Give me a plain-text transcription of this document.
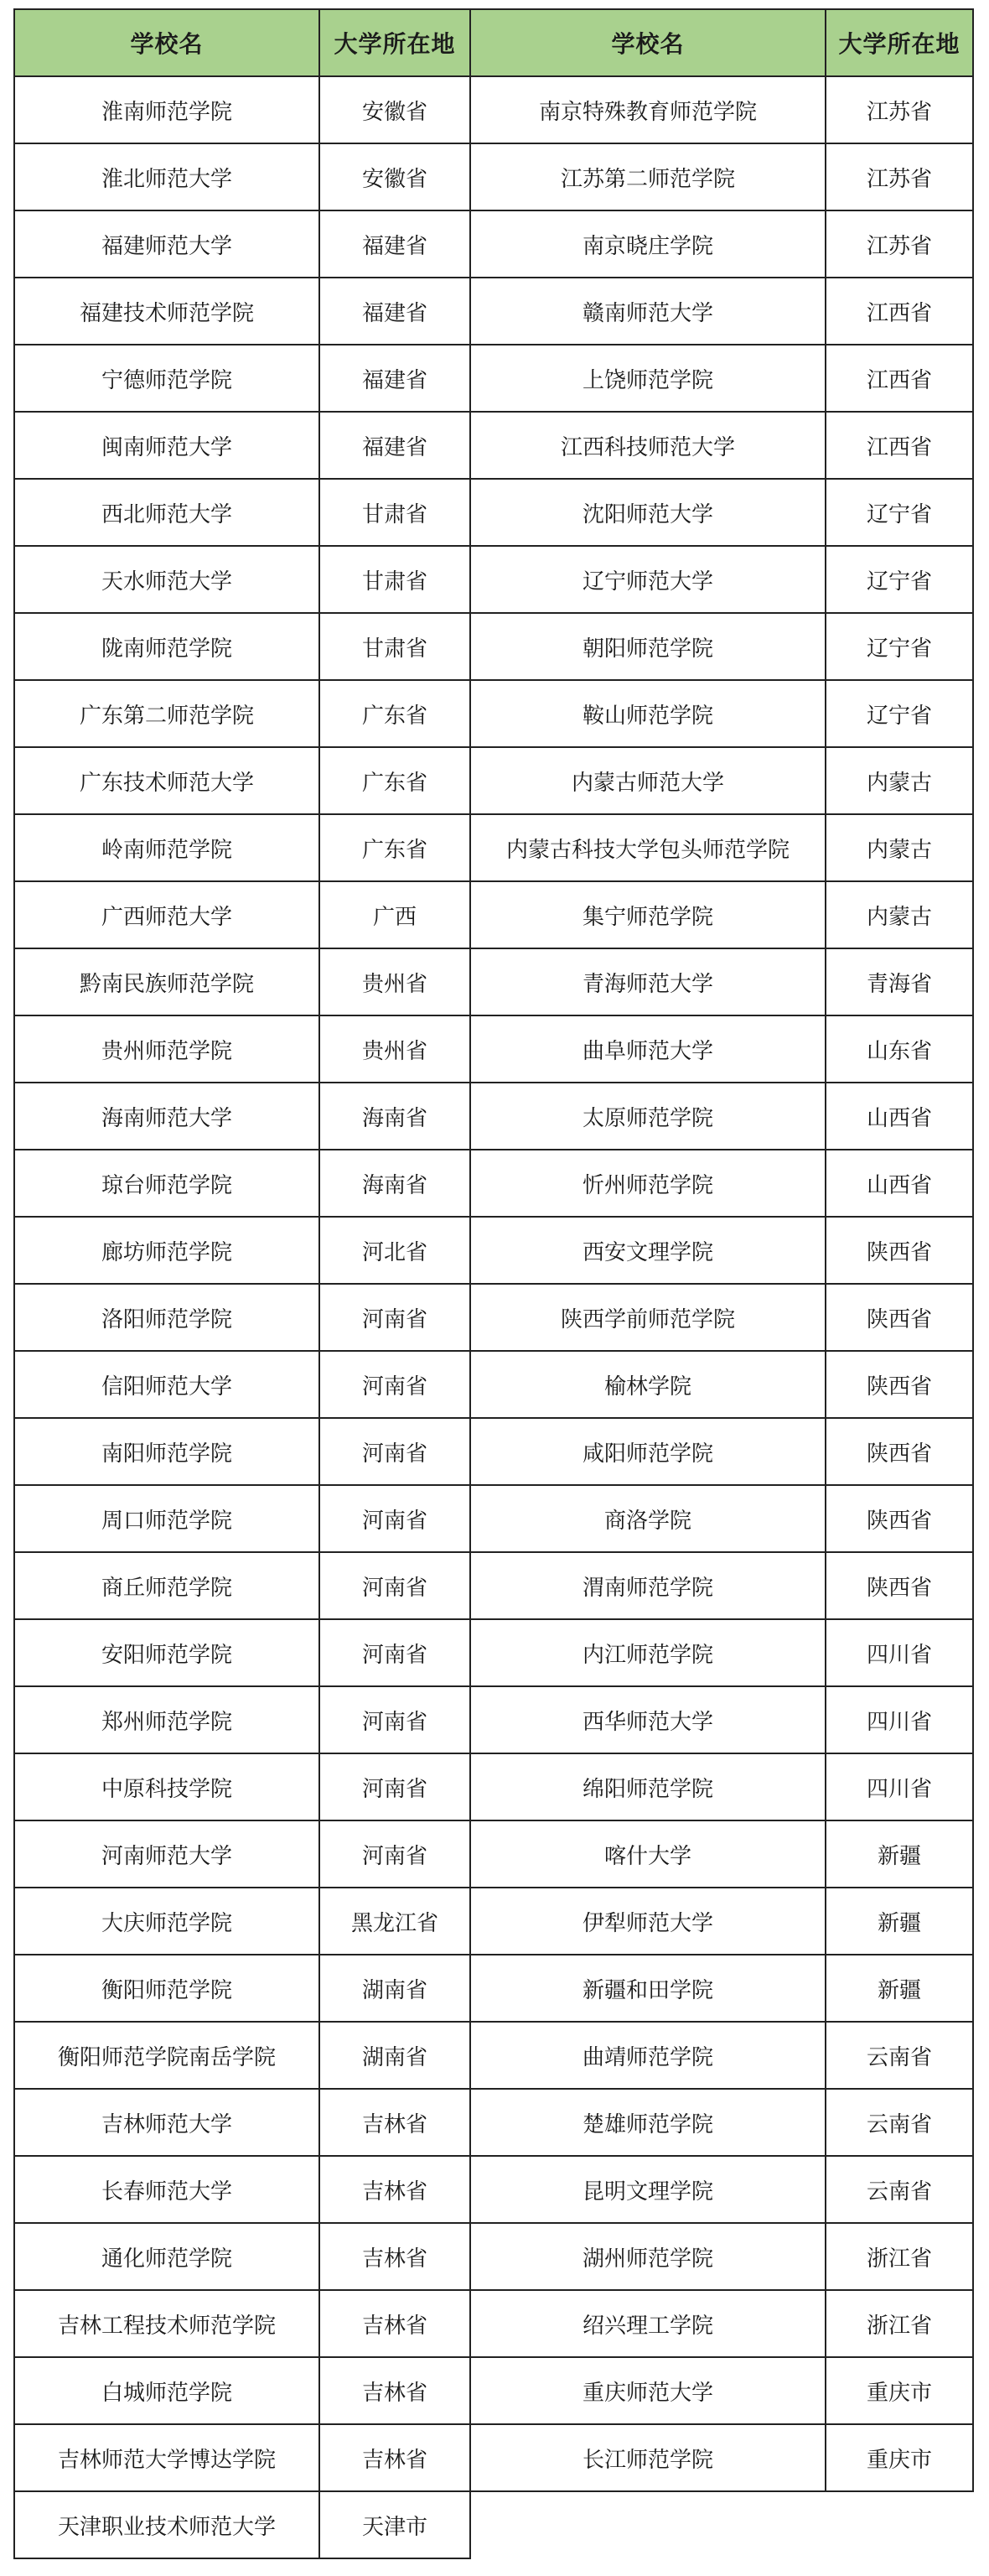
学校名	大学所在地	学校名	大学所在地
淮南师范学院	安徽省	南京特殊教育师范学院	江苏省
淮北师范大学	安徽省	江苏第二师范学院	江苏省
福建师范大学	福建省	南京晓庄学院	江苏省
福建技术师范学院	福建省	赣南师范大学	江西省
宁德师范学院	福建省	上饶师范学院	江西省
闽南师范大学	福建省	江西科技师范大学	江西省
西北师范大学	甘肃省	沈阳师范大学	辽宁省
天水师范大学	甘肃省	辽宁师范大学	辽宁省
陇南师范学院	甘肃省	朝阳师范学院	辽宁省
广东第二师范学院	广东省	鞍山师范学院	辽宁省
广东技术师范大学	广东省	内蒙古师范大学	内蒙古
岭南师范学院	广东省	内蒙古科技大学包头师范学院	内蒙古
广西师范大学	广西	集宁师范学院	内蒙古
黔南民族师范学院	贵州省	青海师范大学	青海省
贵州师范学院	贵州省	曲阜师范大学	山东省
海南师范大学	海南省	太原师范学院	山西省
琼台师范学院	海南省	忻州师范学院	山西省
廊坊师范学院	河北省	西安文理学院	陕西省
洛阳师范学院	河南省	陕西学前师范学院	陕西省
信阳师范大学	河南省	榆林学院	陕西省
南阳师范学院	河南省	咸阳师范学院	陕西省
周口师范学院	河南省	商洛学院	陕西省
商丘师范学院	河南省	渭南师范学院	陕西省
安阳师范学院	河南省	内江师范学院	四川省
郑州师范学院	河南省	西华师范大学	四川省
中原科技学院	河南省	绵阳师范学院	四川省
河南师范大学	河南省	喀什大学	新疆
大庆师范学院	黑龙江省	伊犁师范大学	新疆
衡阳师范学院	湖南省	新疆和田学院	新疆
衡阳师范学院南岳学院	湖南省	曲靖师范学院	云南省
吉林师范大学	吉林省	楚雄师范学院	云南省
长春师范大学	吉林省	昆明文理学院	云南省
通化师范学院	吉林省	湖州师范学院	浙江省
吉林工程技术师范学院	吉林省	绍兴理工学院	浙江省
白城师范学院	吉林省	重庆师范大学	重庆市
吉林师范大学博达学院	吉林省	长江师范学院	重庆市
天津职业技术师范大学	天津市		
